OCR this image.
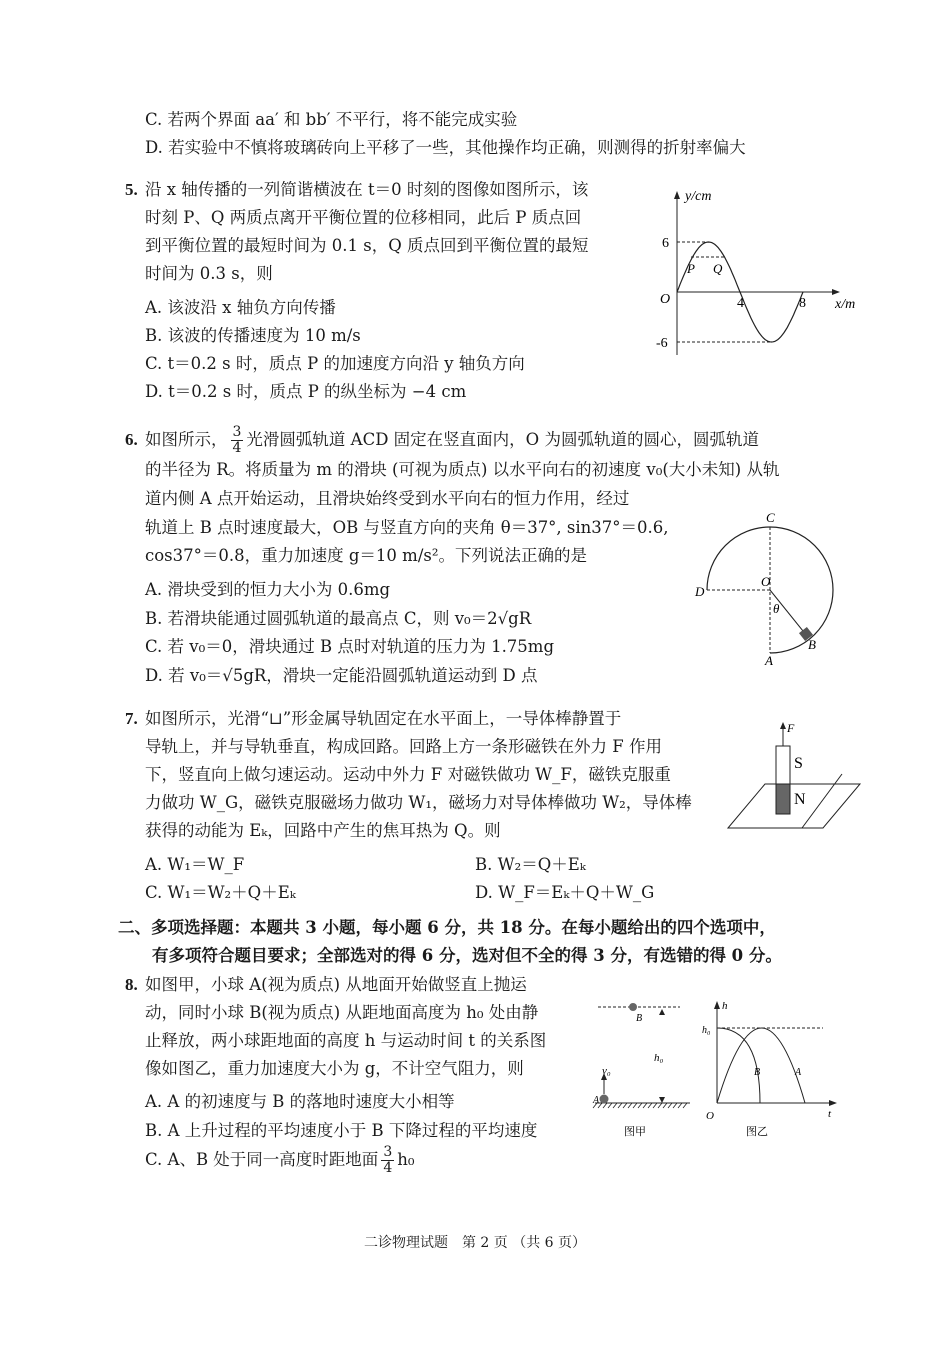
C. 若两个界面 aa′ 和 bb′ 不平行，将不能完成实验
D. 若实验中不慎将玻璃砖向上平移了一些，其他操作均正确，则测得的折射率偏大
5. 沿 x 轴传播的一列简谐横波在 t＝0 时刻的图像如图所示，该
时刻 P、Q 两质点离开平衡位置的位移相同，此后 P 质点回
到平衡位置的最短时间为 0.1 s，Q 质点回到平衡位置的最短
时间为 0.3 s，则
A. 该波沿 x 轴负方向传播
B. 该波的传播速度为 10 m/s
C. t＝0.2 s 时，质点 P 的加速度方向沿 y 轴负方向
D. t＝0.2 s 时，质点 P 的纵坐标为 −4 cm
y/cm
x/m
O
6
-6
4	8
P Q
6. 如图所示， $\frac{3}{4}$ 光滑圆弧轨道 ACD 固定在竖直面内，O 为圆弧轨道的圆心，圆弧轨道
的半径为 R。将质量为 m 的滑块 (可视为质点) 以水平向右的初速度 v₀(大小未知) 从轨
道内侧 A 点开始运动，且滑块始终受到水平向右的恒力作用，经过
轨道上 B 点时速度最大，OB 与竖直方向的夹角 θ＝37°, sin37°＝0.6,
cos37°＝0.8，重力加速度 g＝10 m/s²。下列说法正确的是
A. 滑块受到的恒力大小为 0.6mg
B. 若滑块能通过圆弧轨道的最高点 C，则 v₀＝2√gR
C. 若 v₀＝0，滑块通过 B 点时对轨道的压力为 1.75mg
D. 若 v₀＝√5gR，滑块一定能沿圆弧轨道运动到 D 点
C
O
D
θ
B
A
7. 如图所示，光滑“⊔”形金属导轨固定在水平面上，一导体棒静置于
导轨上，并与导轨垂直，构成回路。回路上方一条形磁铁在外力 F 作用
下，竖直向上做匀速运动。运动中外力 F 对磁铁做功 W_F，磁铁克服重
力做功 W_G，磁铁克服磁场力做功 W₁，磁场力对导体棒做功 W₂，导体棒
获得的动能为 Eₖ，回路中产生的焦耳热为 Q。则
A. W₁＝W_F	B. W₂＝Q＋Eₖ
C. W₁＝W₂＋Q＋Eₖ	D. W_F＝Eₖ＋Q＋W_G
F
S
N
二、多项选择题：本题共 3 小题，每小题 6 分，共 18 分。在每小题给出的四个选项中，
有多项符合题目要求；全部选对的得 6 分，选对但不全的得 3 分，有选错的得 0 分。
8. 如图甲，小球 A(视为质点) 从地面开始做竖直上抛运
动，同时小球 B(视为质点) 从距地面高度为 h₀ 处由静
止释放，两小球距地面的高度 h 与运动时间 t 的关系图
像如图乙，重力加速度大小为 g，不计空气阻力，则
A. A 的初速度与 B 的落地时速度大小相等
B. A 上升过程的平均速度小于 B 下降过程的平均速度
C. A、B 处于同一高度时距地面 $\frac{3}{4} h_0$
B
A
h₀
v₀
图甲
h
h₀
O	t
B	A
图乙
二诊物理试题　第 2 页 （共 6 页）
